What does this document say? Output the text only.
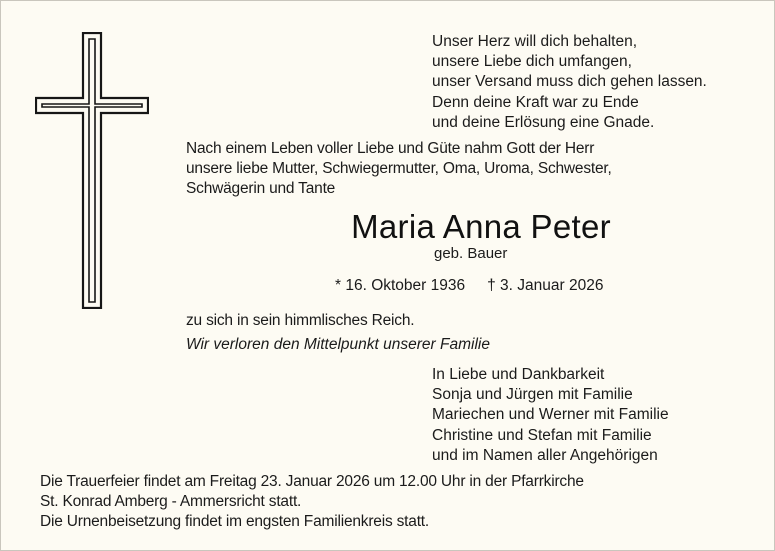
Unser Herz will dich behalten,
unsere Liebe dich umfangen,
unser Versand muss dich gehen lassen.
Denn deine Kraft war zu Ende
und deine Erlösung eine Gnade.
Nach einem Leben voller Liebe und Güte nahm Gott der Herr
unsere liebe Mutter, Schwiegermutter, Oma, Uroma, Schwester,
Schwägerin und Tante
Maria Anna Peter
geb. Bauer
* 16. Oktober 1936 † 3. Januar 2026
zu sich in sein himmlisches Reich.
Wir verloren den Mittelpunkt unserer Familie
In Liebe und Dankbarkeit
Sonja und Jürgen mit Familie
Mariechen und Werner mit Familie
Christine und Stefan mit Familie
und im Namen aller Angehörigen
Die Trauerfeier findet am Freitag 23. Januar 2026 um 12.00 Uhr in der Pfarrkirche
St. Konrad Amberg - Ammersricht statt.
Die Urnenbeisetzung findet im engsten Familienkreis statt.
